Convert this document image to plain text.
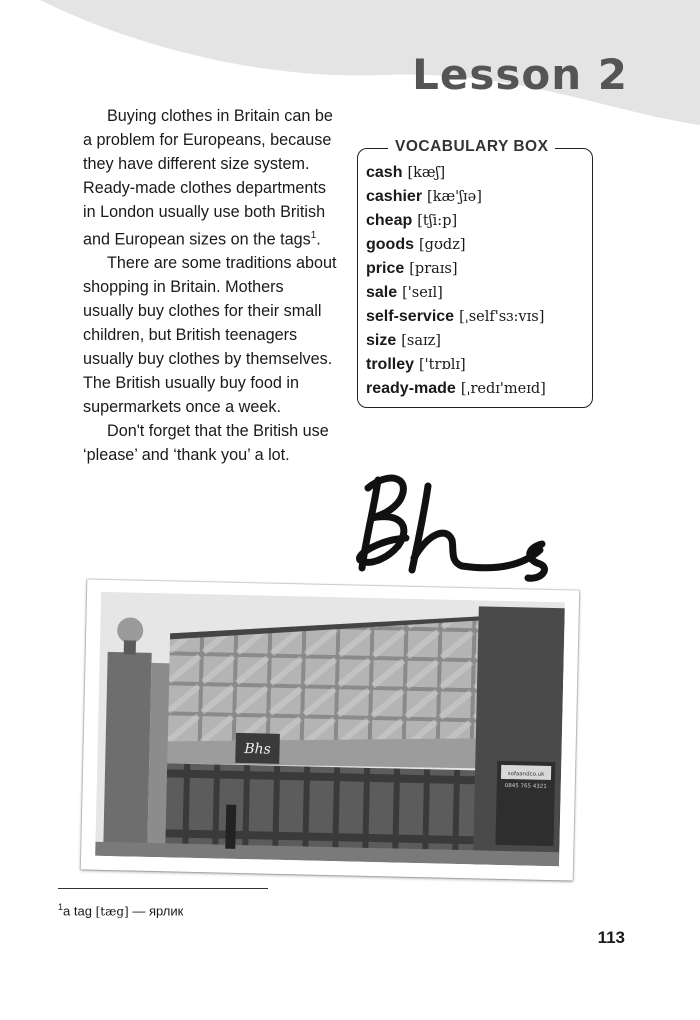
Lesson 2

Buying clothes in Britain can be a problem for Europeans, because they have different size system. Ready-made clothes departments in London usually use both British and European sizes on the tags$^1$.

There are some traditions about shopping in Britain. Mothers usually buy clothes for their small children, but British teenagers usually buy clothes by themselves. The British usually buy food in supermarkets once a week.

Don't forget that the British use ‘please’ and ‘thank you’ a lot.

VOCABULARY BOX
cash [kæʃ]
cashier [kæ'ʃɪə]
cheap [tʃi:p]
goods [gʊdz]
price [praɪs]
sale ['seɪl]
self-service [ˌself'sɜ:vɪs]
size [saɪz]
trolley ['trɒlɪ]
ready-made [ˌredɪ'meɪd]
Bhs
sofaandco.uk
0845 765 4321
$^1$a tag [tæg] — ярлик
113
